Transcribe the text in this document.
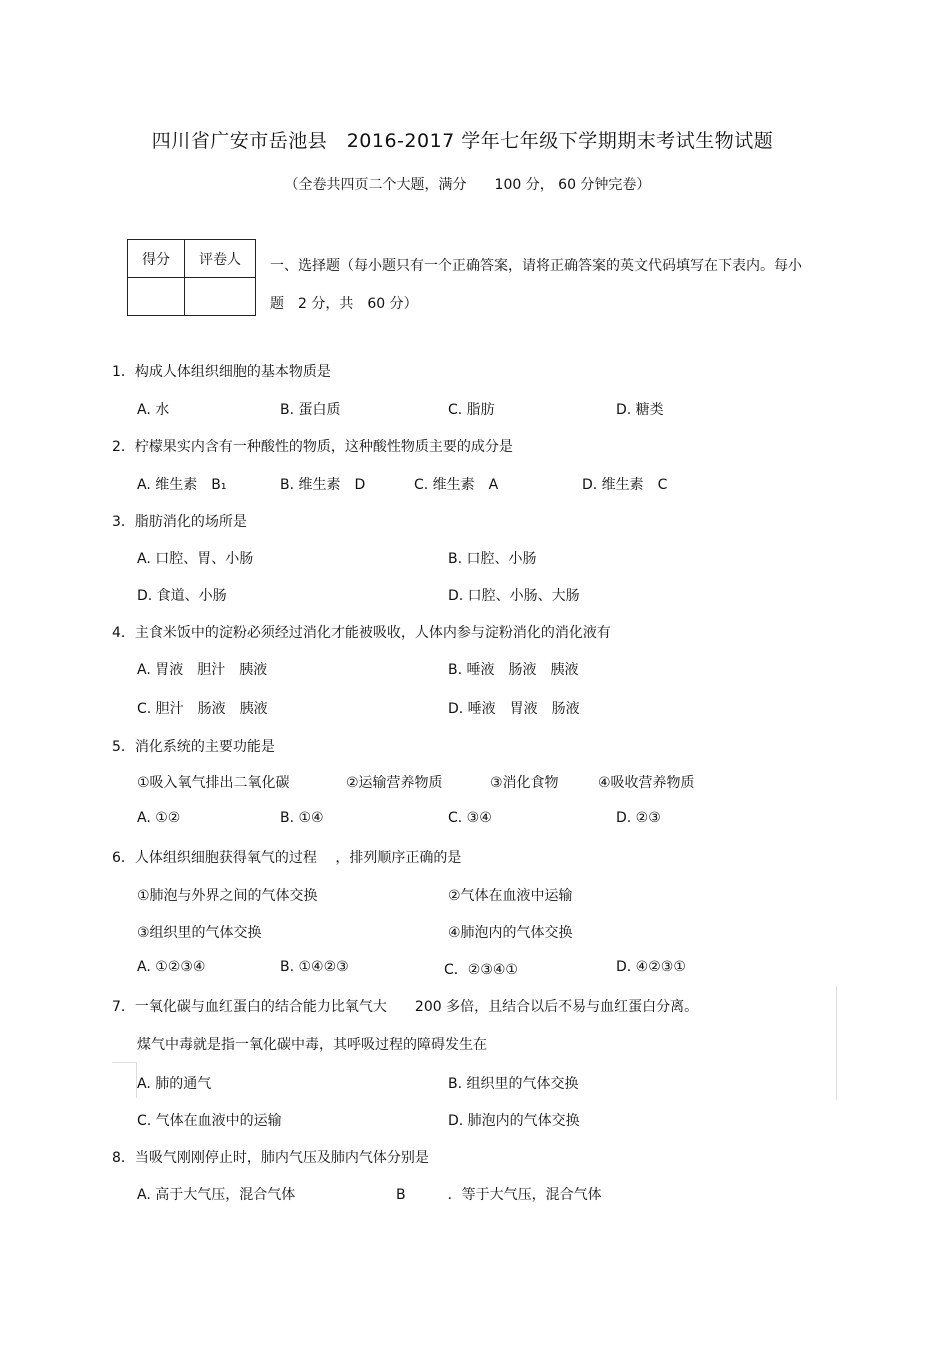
四川省广安市岳池县　2016-2017 学年七年级下学期期末考试生物试题
（全卷共四页二个大题，满分　　100 分， 60 分钟完卷）
得分	评卷人
	一、选择题（每小题只有一个正确答案，请将正确答案的英文代码填写在下表内。每小题　2 分，共　60 分）
1．构成人体组织细胞的基本物质是
A. 水	B. 蛋白质	C. 脂肪	D. 糖类
2．柠檬果实内含有一种酸性的物质，这种酸性物质主要的成分是
A. 维生素　B₁	B. 维生素　D	C. 维生素　A	D. 维生素　C
3．脂肪消化的场所是
A. 口腔、胃、小肠	B. 口腔、小肠
D. 食道、小肠	D. 口腔、小肠、大肠
4．主食米饭中的淀粉必须经过消化才能被吸收，人体内参与淀粉消化的消化液有
A. 胃液　胆汁　胰液	B. 唾液　肠液　胰液
C. 胆汁　肠液　胰液	D. 唾液　胃液　肠液
5．消化系统的主要功能是
①吸入氧气排出二氧化碳	②运输营养物质	③消化食物	④吸收营养物质
A. ①②	B. ①④	C. ③④	D. ②③
6．人体组织细胞获得氧气的过程　 ，排列顺序正确的是
①肺泡与外界之间的气体交换	②气体在血液中运输
③组织里的气体交换	④肺泡内的气体交换
A. ①②③④	B. ①④②③	C．②③④①	D. ④②③①
7．一氧化碳与血红蛋白的结合能力比氧气大　　200 多倍，且结合以后不易与血红蛋白分离。
煤气中毒就是指一氧化碳中毒，其呼吸过程的障碍发生在
A. 肺的通气	B. 组织里的气体交换
C. 气体在血液中的运输	D. 肺泡内的气体交换
8．当吸气刚刚停止时，肺内气压及肺内气体分别是
A. 高于大气压，混合气体	B　　　．等于大气压，混合气体
